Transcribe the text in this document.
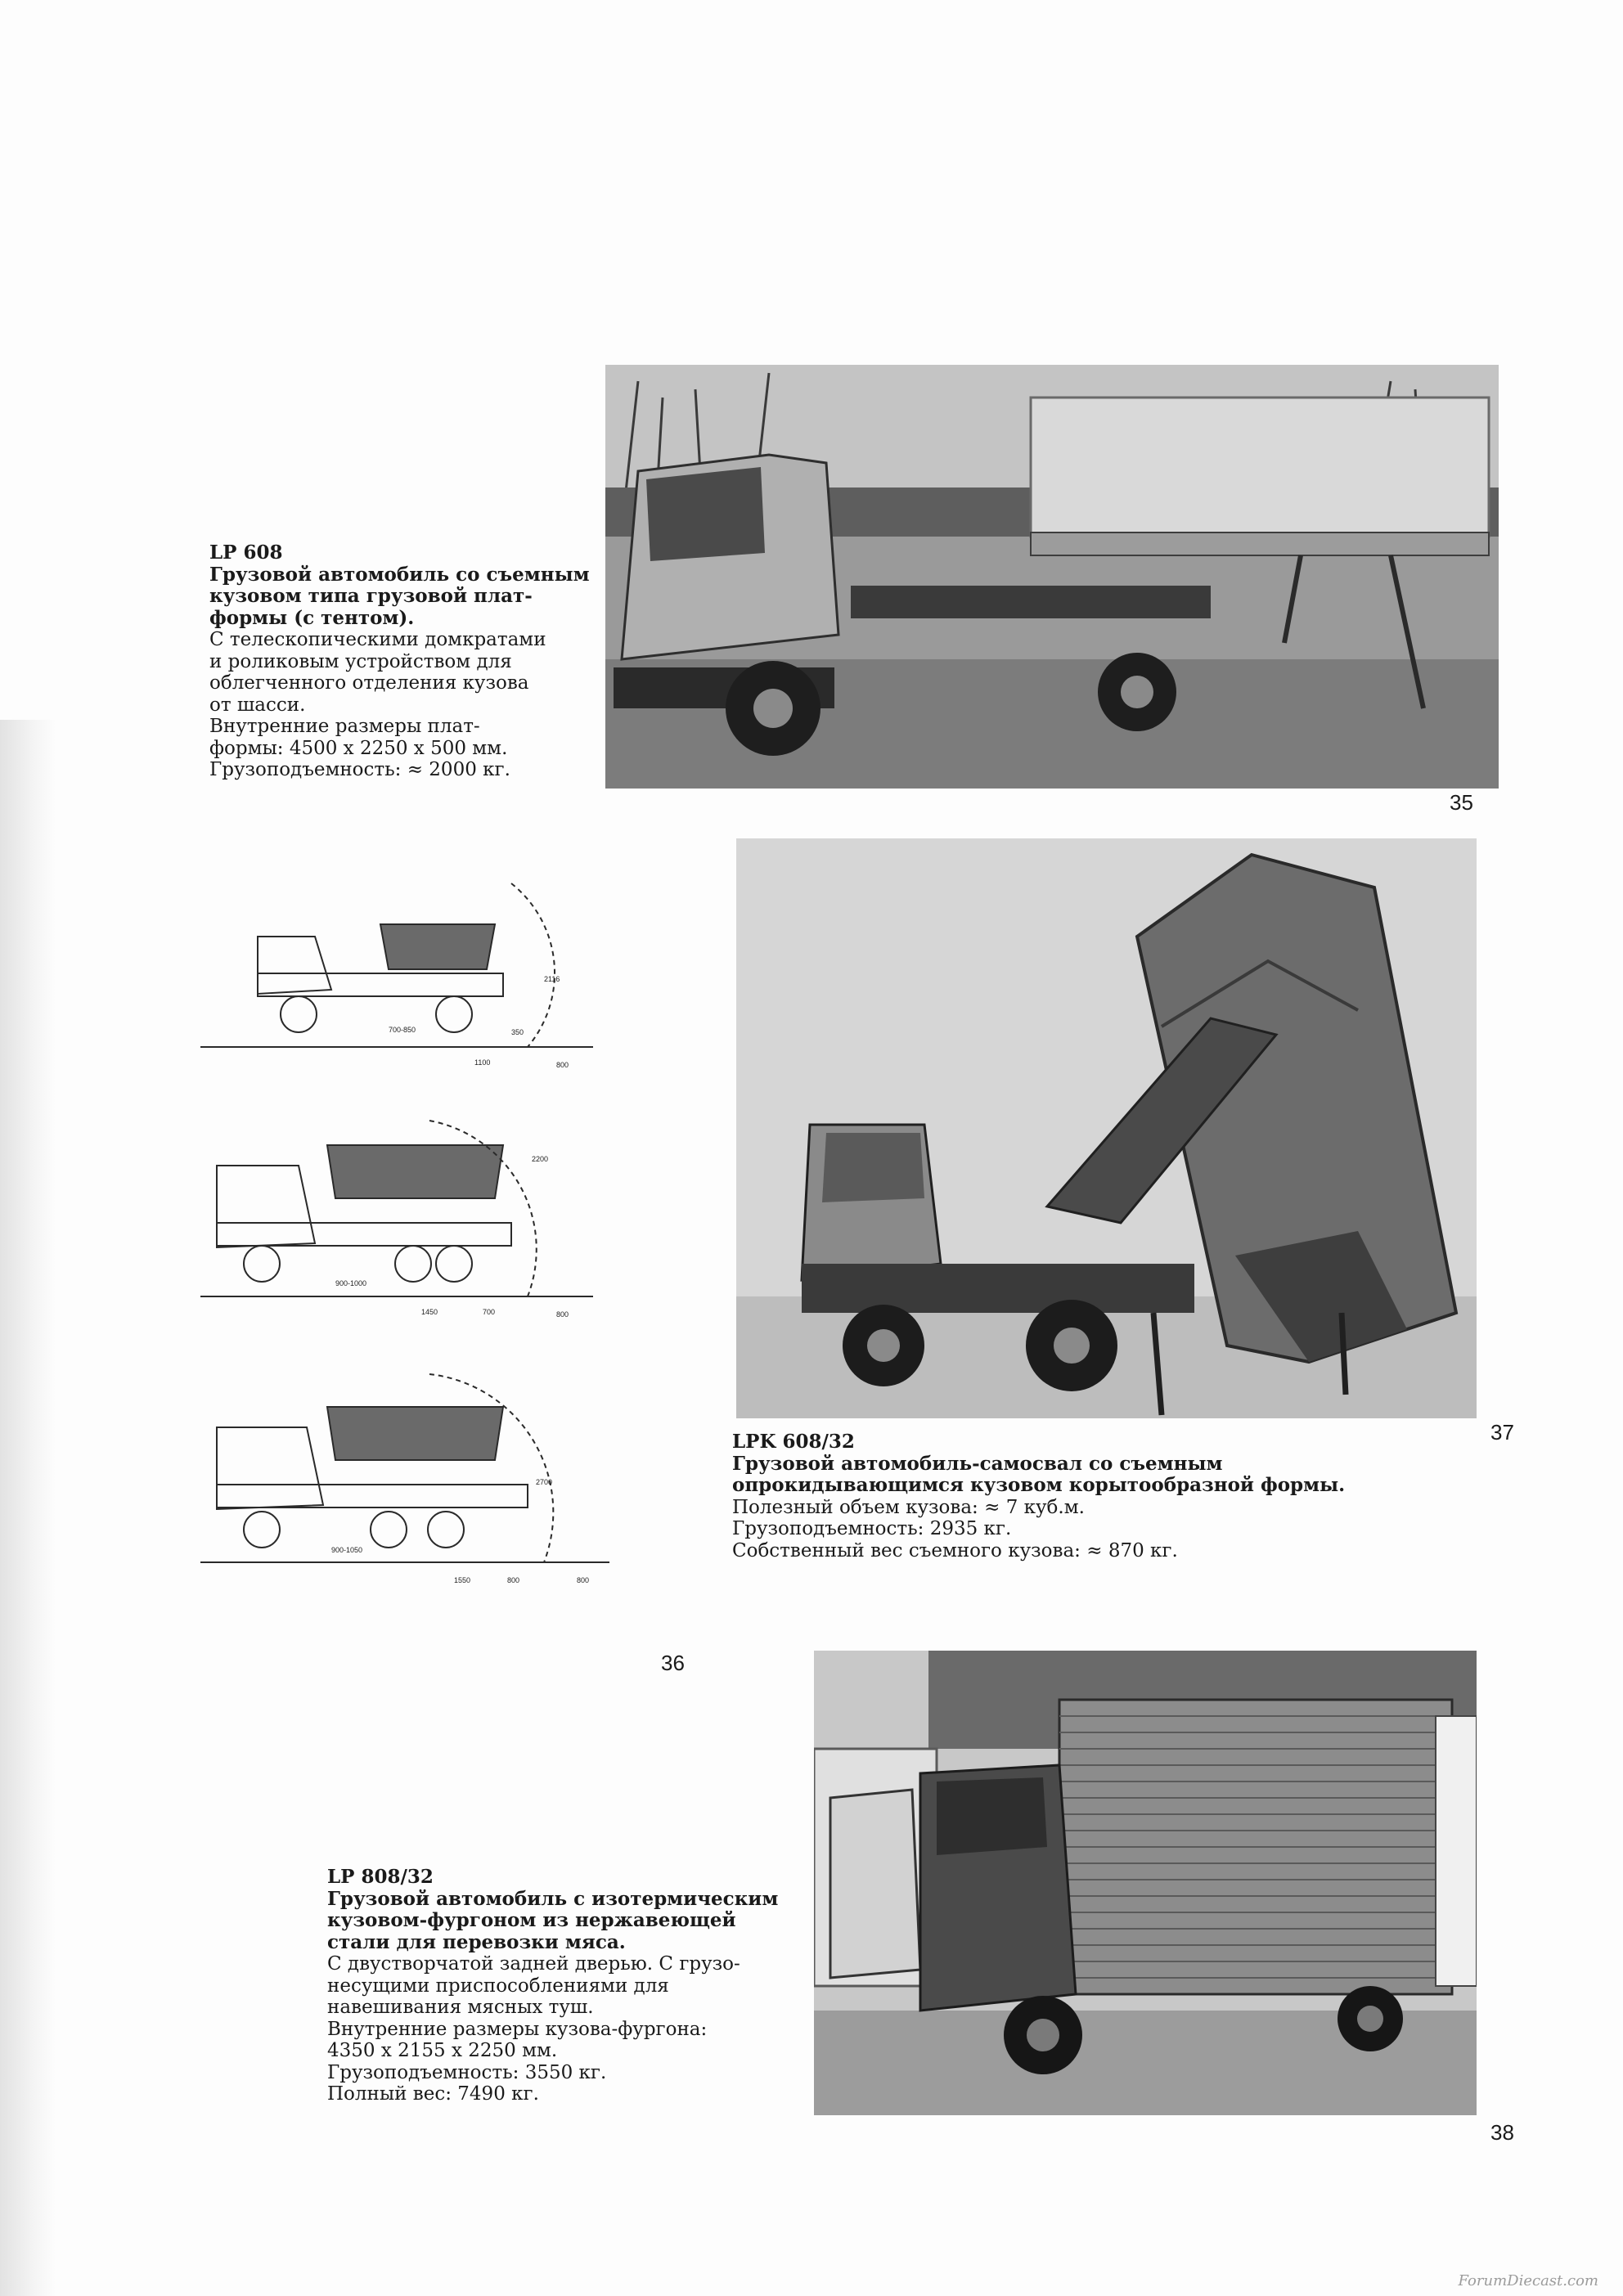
2116
700-850	350
1100	800
2200
900-1000
1450	700	800
2700
900-1050
1550	800	800
LP 608
Грузовой автомобиль со съемным
кузовом типа грузовой плат-
формы (с тентом).
С телескопическими домкратами
и роликовым устройством для
облегченного отделения кузова
от шасси.
Внутренние размеры плат-
формы: 4500 x 2250 x 500 мм.
Грузоподъемность: ≈ 2000 кг.
LPK 608/32
Грузовой автомобиль-самосвал со съемным
опрокидывающимся кузовом корытообразной формы.
Полезный объем кузова: ≈ 7 куб.м.
Грузоподъемность: 2935 кг.
Собственный вес съемного кузова: ≈ 870 кг.
LP 808/32
Грузовой автомобиль с изотермическим
кузовом-фургоном из нержавеющей
стали для перевозки мяса.
С двустворчатой задней дверью. С грузо-
несущими приспособлениями для
навешивания мясных туш.
Внутренние размеры кузова-фургона:
4350 x 2155 x 2250 мм.
Грузоподъемность: 3550 кг.
Полный вес: 7490 кг.
35
36
37
38
ForumDiecast.com
